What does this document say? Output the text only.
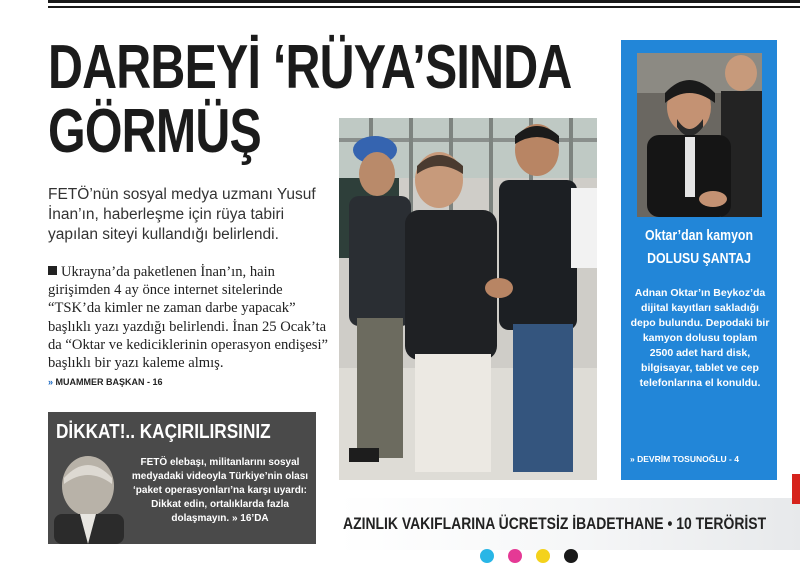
DARBEYİ ‘RÜYA’SINDA
GÖRMÜŞ
FETÖ’nün sosyal medya uzmanı Yusuf İnan’ın, haberleşme için rüya tabiri yapılan siteyi kullandığı belirlendi.
Ukrayna’da paketlenen İnan’ın, hain girişimden 4 ay önce internet sitelerinde “TSK’da kimler ne zaman darbe yapacak” başlıklı yazı yazdığı belirlendi. İnan 25 Ocak’ta da “Oktar ve kediciklerinin operasyon endişesi” başlıklı bir yazı kaleme almış. » MUAMMER BAŞKAN - 16
Oktar’dan kamyon
DOLUSU ŞANTAJ
Adnan Oktar’ın Beykoz’da dijital kayıtları sakladığı depo bulundu. Depodaki bir kamyon dolusu toplam 2500 adet hard disk, bilgisayar, tablet ve cep telefonlarına el konuldu.
» DEVRİM TOSUNOĞLU - 4
DİKKAT!.. KAÇIRILIRSINIZ
FETÖ elebaşı, militanlarını sosyal medyadaki videoyla Türkiye’nin olası ‘paket operasyonları’na karşı uyardı: Dikkat edin, ortalıklarda fazla dolaşmayın. » 16’DA	AZINLIK VAKIFLARINA ÜCRETSİZ İBADETHANE • 10 TERÖRİST
